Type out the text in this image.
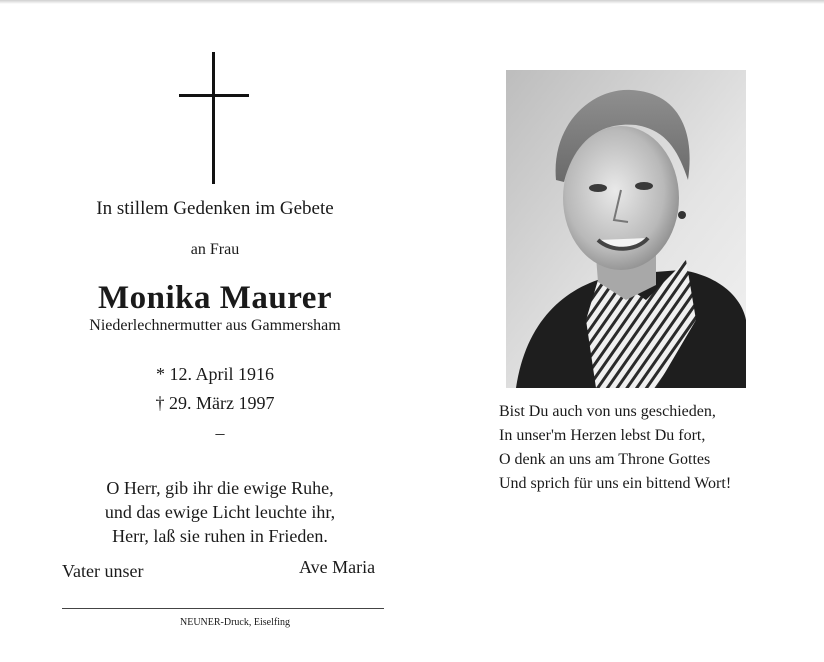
In stillem Gedenken im Gebete
an Frau
Monika Maurer
Niederlechnermutter aus Gammersham
* 12. April 1916
† 29. März 1997
–
O Herr, gib ihr die ewige Ruhe,
und das ewige Licht leuchte ihr,
Herr, laß sie ruhen in Frieden.
Vater unser	Ave Maria
NEUNER-Druck, Eiselfing
Bist Du auch von uns geschieden,
In unser'm Herzen lebst Du fort,
O denk an uns am Throne Gottes
Und sprich für uns ein bittend Wort!
